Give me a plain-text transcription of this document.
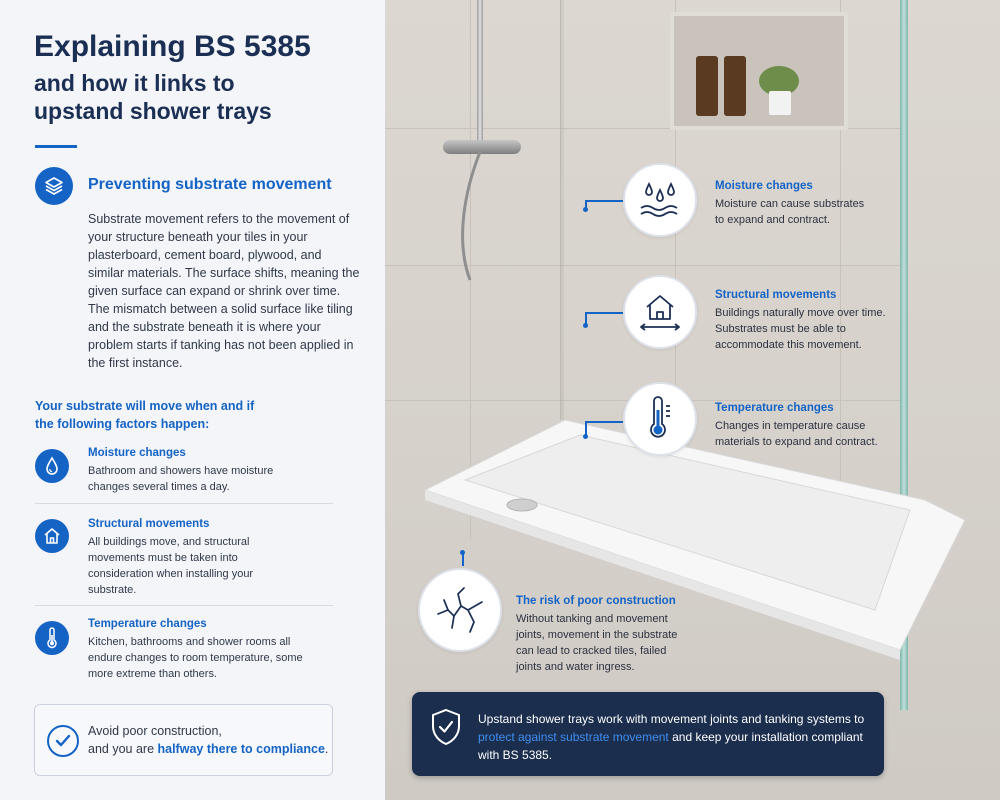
Explaining BS 5385
and how it links to
upstand shower trays
Preventing substrate movement

Substrate movement refers to the movement of your structure beneath your tiles in your plasterboard, cement board, plywood, and similar materials. The surface shifts, meaning the given surface can expand or shrink over time. The mismatch between a solid surface like tiling and the substrate beneath it is where your problem starts if tanking has not been applied in the first instance.

Your substrate will move when and if the following factors happen:

Moisture changes

Bathroom and showers have moisture changes several times a day.

Structural movements

All buildings move, and structural movements must be taken into consideration when installing your substrate.

Temperature changes

Kitchen, bathrooms and shower rooms all endure changes to room temperature, some more extreme than others.

Avoid poor construction,
and you are halfway there to compliance.
Moisture changes

Moisture can cause substrates to expand and contract.

Structural movements

Buildings naturally move over time. Substrates must be able to accommodate this movement.

Temperature changes

Changes in temperature cause materials to expand and contract.

The risk of poor construction

Without tanking and movement joints, movement in the substrate can lead to cracked tiles, failed joints and water ingress.

Upstand shower trays work with movement joints and tanking systems to protect against substrate movement and keep your installation compliant with BS 5385.
